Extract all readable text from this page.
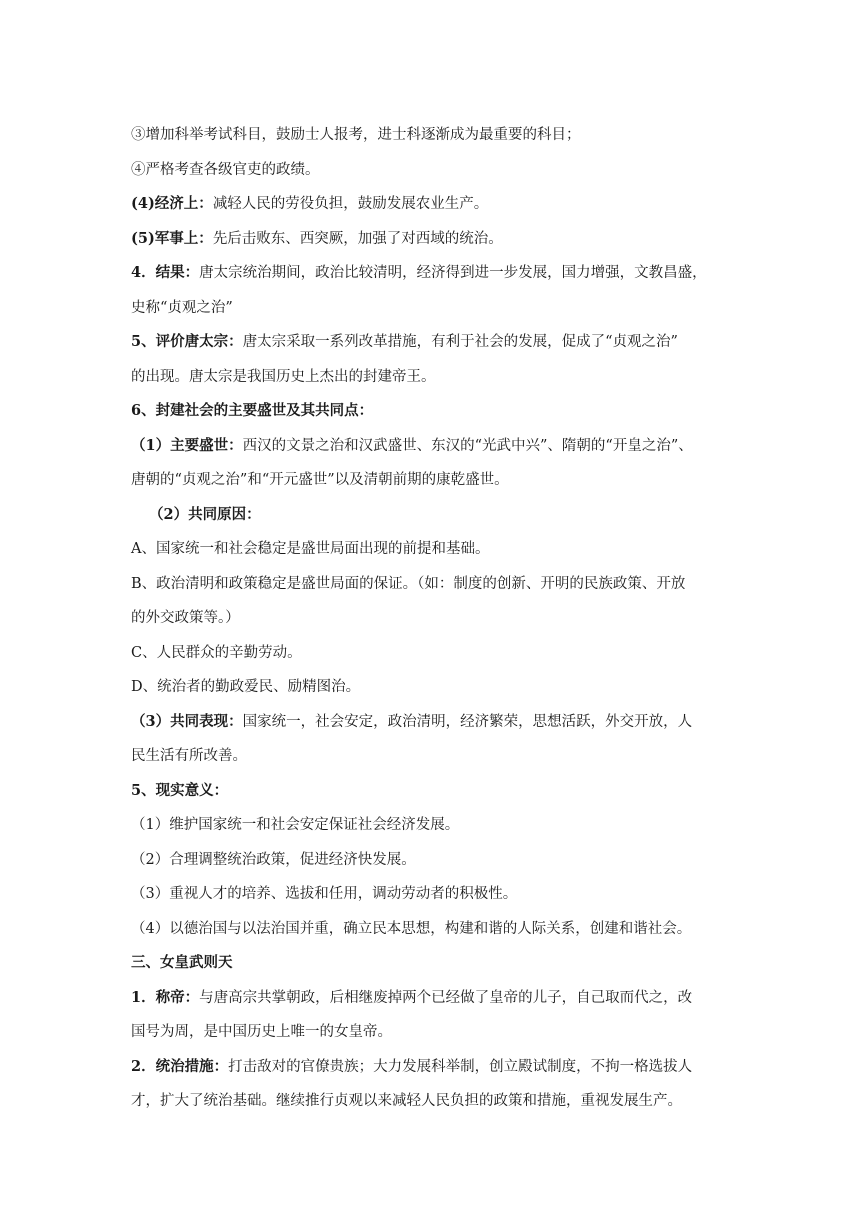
③增加科举考试科目，鼓励士人报考，进士科逐渐成为最重要的科目；
④严格考查各级官吏的政绩。
(4)经济上：减轻人民的劳役负担，鼓励发展农业生产。
(5)军事上：先后击败东、西突厥，加强了对西域的统治。
4．结果：唐太宗统治期间，政治比较清明，经济得到进一步发展，国力增强，文教昌盛，
史称“贞观之治”
5、评价唐太宗：唐太宗采取一系列改革措施，有利于社会的发展，促成了“贞观之治”
的出现。唐太宗是我国历史上杰出的封建帝王。
6、封建社会的主要盛世及其共同点：
（1）主要盛世：西汉的文景之治和汉武盛世、东汉的“光武中兴”、隋朝的“开皇之治”、
唐朝的“贞观之治”和“开元盛世”以及清朝前期的康乾盛世。
（2）共同原因：
A、国家统一和社会稳定是盛世局面出现的前提和基础。
B、政治清明和政策稳定是盛世局面的保证。（如：制度的创新、开明的民族政策、开放
的外交政策等。）
C、人民群众的辛勤劳动。
D、统治者的勤政爱民、励精图治。
（3）共同表现：国家统一，社会安定，政治清明，经济繁荣，思想活跃，外交开放，人
民生活有所改善。
5、现实意义：
（1）维护国家统一和社会安定保证社会经济发展。
（2）合理调整统治政策，促进经济快发展。
（3）重视人才的培养、选拔和任用，调动劳动者的积极性。
（4）以德治国与以法治国并重，确立民本思想，构建和谐的人际关系，创建和谐社会。
三、女皇武则天
1．称帝：与唐高宗共掌朝政，后相继废掉两个已经做了皇帝的儿子，自己取而代之，改
国号为周，是中国历史上唯一的女皇帝。
2．统治措施：打击敌对的官僚贵族；大力发展科举制，创立殿试制度，不拘一格选拔人
才，扩大了统治基础。继续推行贞观以来减轻人民负担的政策和措施，重视发展生产。
